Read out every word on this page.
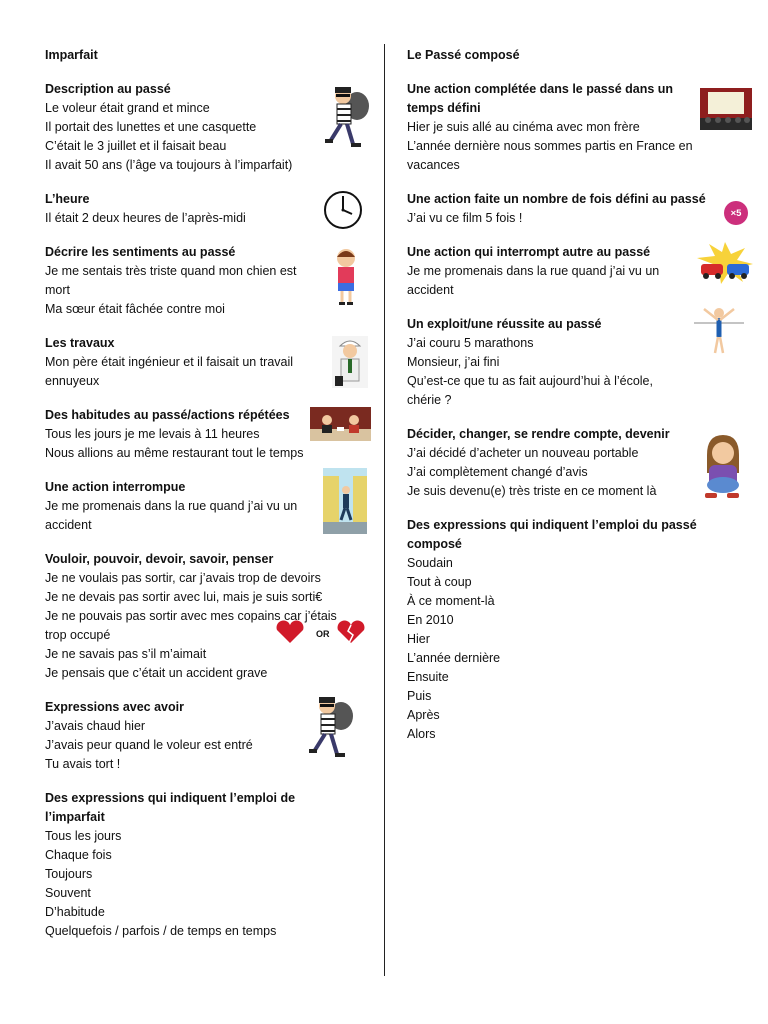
Imparfait
Description au passé

Le voleur était grand et mince

Il portait des lunettes et une casquette

C’était le 3 juillet et il faisait beau

Il avait 50 ans (l’âge va toujours à l’imparfait)

L’heure

Il était 2 deux heures de l’après-midi

Décrire les sentiments au passé

Je me sentais très triste quand mon chien est

mort

Ma sœur était fâchée contre moi

Les travaux

Mon père était ingénieur et il faisait un travail

ennuyeux

Des habitudes au passé/actions répétées

Tous les jours je me levais à 11 heures

Nous allions au même restaurant tout le temps

Une action interrompue

Je me promenais dans la rue quand j’ai vu un

accident

Vouloir, pouvoir, devoir, savoir, penser

Je ne voulais pas sortir, car j’avais trop de devoirs

Je ne devais pas sortir avec lui, mais je suis sorti€

Je ne pouvais pas sortir avec mes copains car j’étais

trop occupé

Je ne savais pas s’il m’aimait

Je pensais que c’était un accident grave

OR
Expressions avec avoir

J’avais chaud hier

J’avais peur quand le voleur est entré

Tu avais tort !

Des expressions qui indiquent l’emploi de
l’imparfait

Tous les jours

Chaque fois

Toujours

Souvent

D’habitude

Quelquefois / parfois / de temps en temps

Le Passé composé
Une action complétée dans le passé dans un
temps défini

Hier je suis allé au cinéma avec mon frère

L’année dernière nous sommes partis en France en

vacances

Une action faite un nombre de fois défini au passé

J’ai vu ce film 5 fois !	×5
Une action qui interrompt autre au passé

Je me promenais dans la rue quand j’ai vu un

accident

Un exploit/une réussite au passé

J’ai couru 5 marathons

Monsieur, j’ai fini

Qu’est-ce que tu as fait aujourd’hui à l’école,

chérie ?

Décider, changer, se rendre compte, devenir

J’ai décidé d’acheter un nouveau portable

J’ai complètement changé d’avis

Je suis devenu(e) très triste en ce moment là

Des expressions qui indiquent l’emploi du passé
composé

Soudain

Tout à coup

À ce moment-là

En 2010

Hier

L’année dernière

Ensuite

Puis

Après

Alors
